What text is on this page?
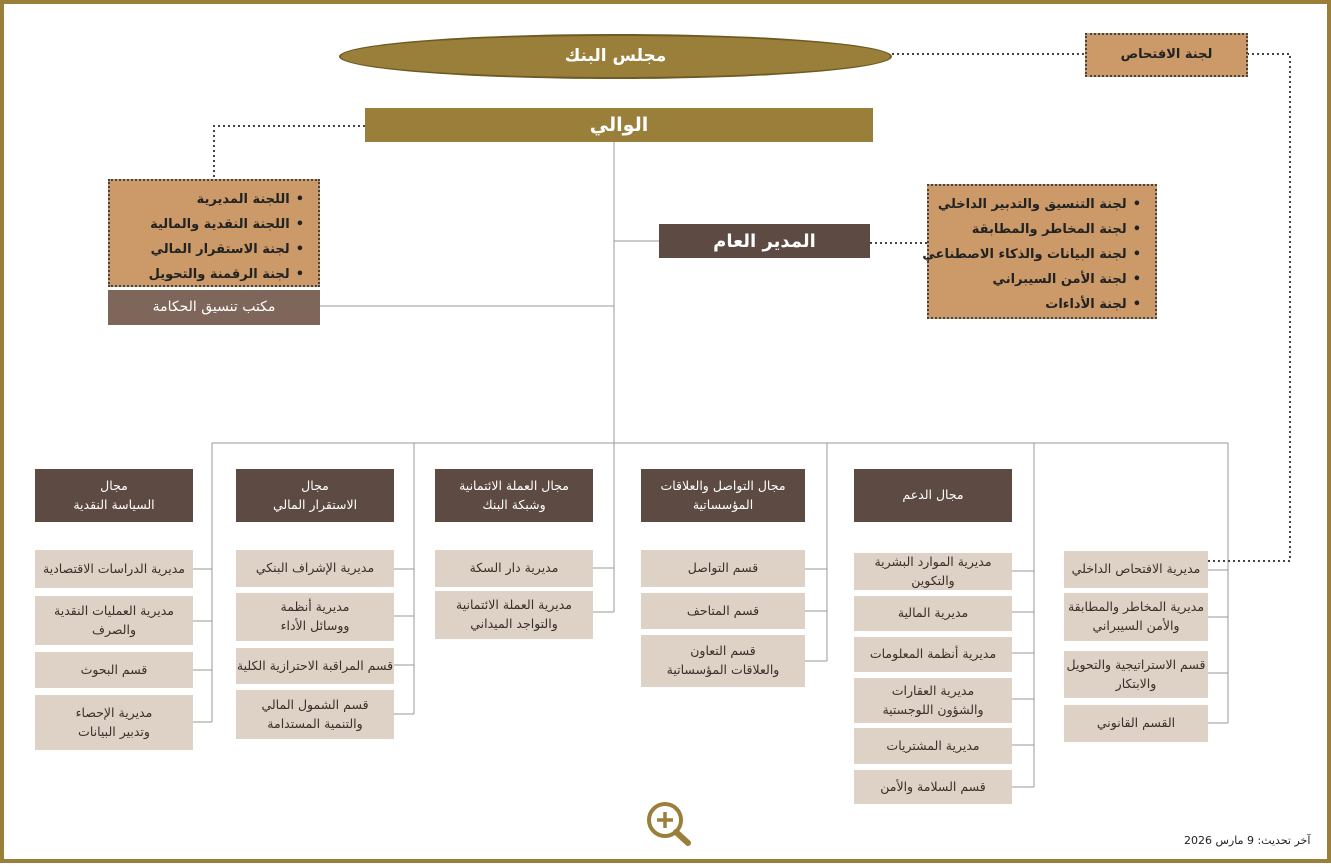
مجلس البنك	لجنة الافتحاص
الوالي
• اللجنة المديرية
• اللجنة النقدية والمالية
• لجنة الاستقرار المالي
• لجنة الرقمنة والتحويل
مكتب تنسيق الحكامة
المدير العام
• لجنة التنسيق والتدبير الداخلي
• لجنة المخاطر والمطابقة
• لجنة البيانات والذكاء الاصطناعي
• لجنة الأمن السيبراني
• لجنة الأداءات
مجال
السياسة النقدية
مجال
الاستقرار المالي
مجال العملة الائتمانية
وشبكة البنك
مجال التواصل والعلاقات
المؤسساتية
مجال الدعم
مديرية الدراسات الاقتصادية
مديرية العمليات النقدية
والصرف
قسم البحوث
مديرية الإحصاء
وتدبير البيانات
مديرية الإشراف البنكي
مديرية أنظمة
ووسائل الأداء
قسم المراقبة الاحترازية الكلية
قسم الشمول المالي
والتنمية المستدامة
مديرية دار السكة
مديرية العملة الائتمانية
والتواجد الميداني
قسم التواصل
قسم المتاحف
قسم التعاون
والعلاقات المؤسساتية
مديرية الموارد البشرية والتكوين
مديرية المالية
مديرية أنظمة المعلومات
مديرية العقارات
والشؤون اللوجستية
مديرية المشتريات
قسم السلامة والأمن
مديرية الافتحاص الداخلي
مديرية المخاطر والمطابقة
والأمن السيبراني
قسم الاستراتيجية والتحويل
والابتكار
القسم القانوني
آخر تحديث: 9 مارس 2026
